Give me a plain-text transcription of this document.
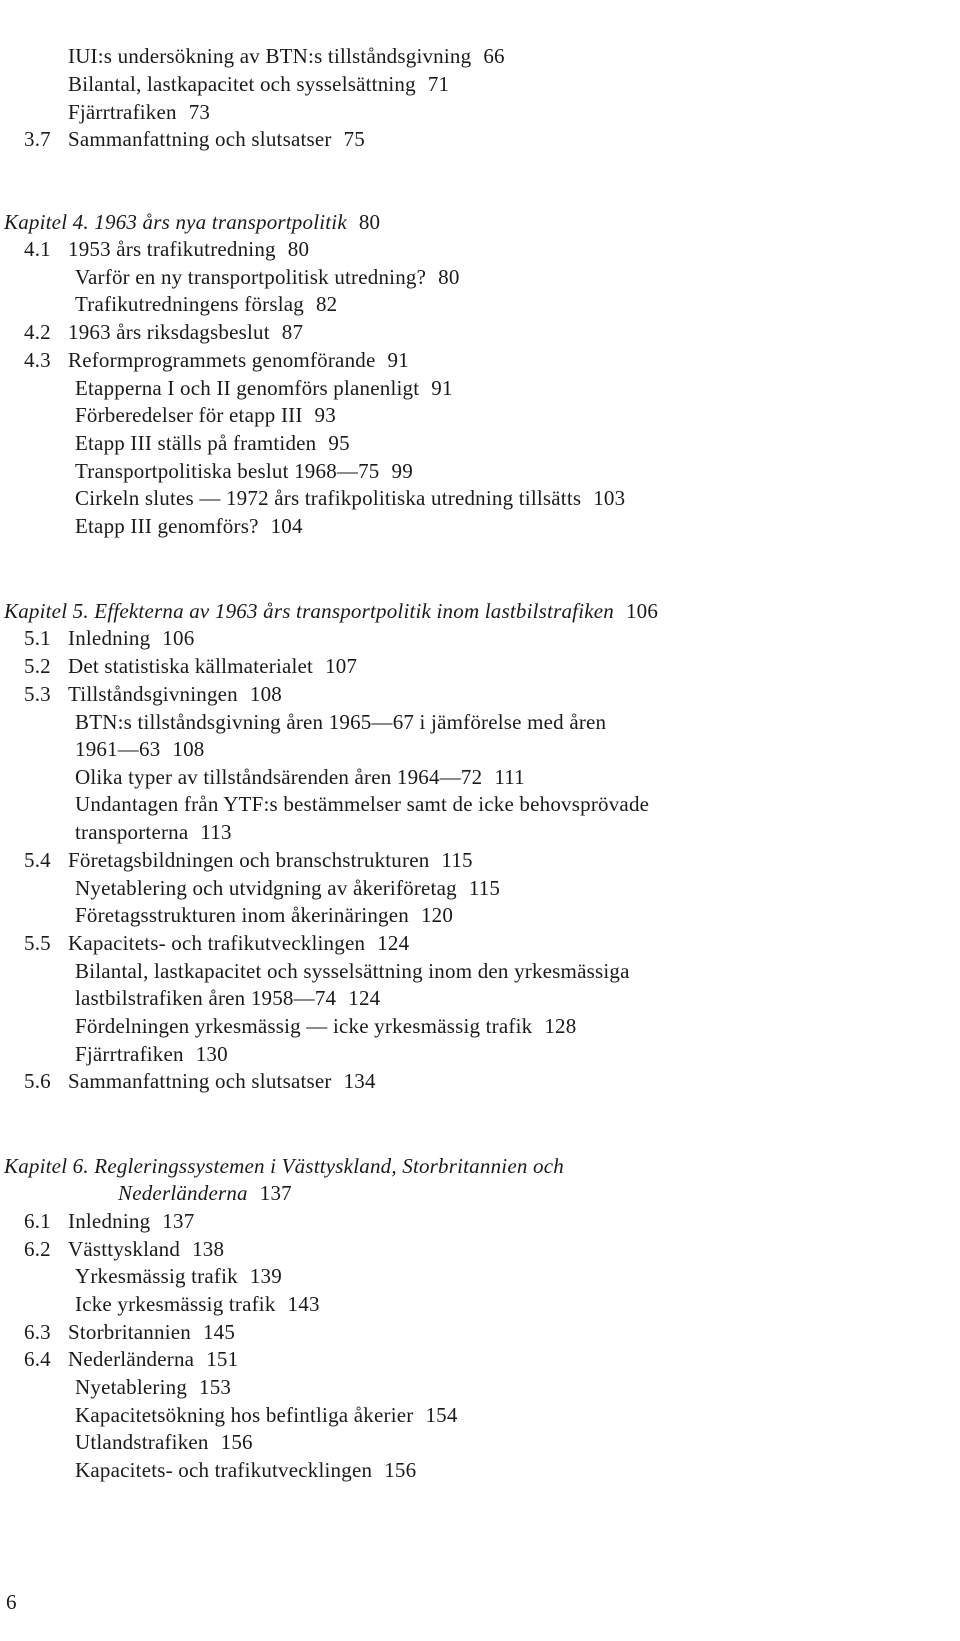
IUI:s undersökning av BTN:s tillståndsgivning 66
Bilantal, lastkapacitet och sysselsättning 71
Fjärrtrafiken 73
3.7 Sammanfattning och slutsatser 75
Kapitel 4. 1963 års nya transportpolitik 80
4.1 1953 års trafikutredning 80
Varför en ny transportpolitisk utredning? 80
Trafikutredningens förslag 82
4.2 1963 års riksdagsbeslut 87
4.3 Reformprogrammets genomförande 91
Etapperna I och II genomförs planenligt 91
Förberedelser för etapp III 93
Etapp III ställs på framtiden 95
Transportpolitiska beslut 1968—75 99
Cirkeln slutes — 1972 års trafikpolitiska utredning tillsätts 103
Etapp III genomförs? 104
Kapitel 5. Effekterna av 1963 års transportpolitik inom lastbilstrafiken 106
5.1 Inledning 106
5.2 Det statistiska källmaterialet 107
5.3 Tillståndsgivningen 108
BTN:s tillståndsgivning åren 1965—67 i jämförelse med åren
1961—63 108
Olika typer av tillståndsärenden åren 1964—72 111
Undantagen från YTF:s bestämmelser samt de icke behovsprövade
transporterna 113
5.4 Företagsbildningen och branschstrukturen 115
Nyetablering och utvidgning av åkeriföretag 115
Företagsstrukturen inom åkerinäringen 120
5.5 Kapacitets- och trafikutvecklingen 124
Bilantal, lastkapacitet och sysselsättning inom den yrkesmässiga
lastbilstrafiken åren 1958—74 124
Fördelningen yrkesmässig — icke yrkesmässig trafik 128
Fjärrtrafiken 130
5.6 Sammanfattning och slutsatser 134
Kapitel 6. Regleringssystemen i Västtyskland, Storbritannien och
Nederländerna 137
6.1 Inledning 137
6.2 Västtyskland 138
Yrkesmässig trafik 139
Icke yrkesmässig trafik 143
6.3 Storbritannien 145
6.4 Nederländerna 151
Nyetablering 153
Kapacitetsökning hos befintliga åkerier 154
Utlandstrafiken 156
Kapacitets- och trafikutvecklingen 156
6
